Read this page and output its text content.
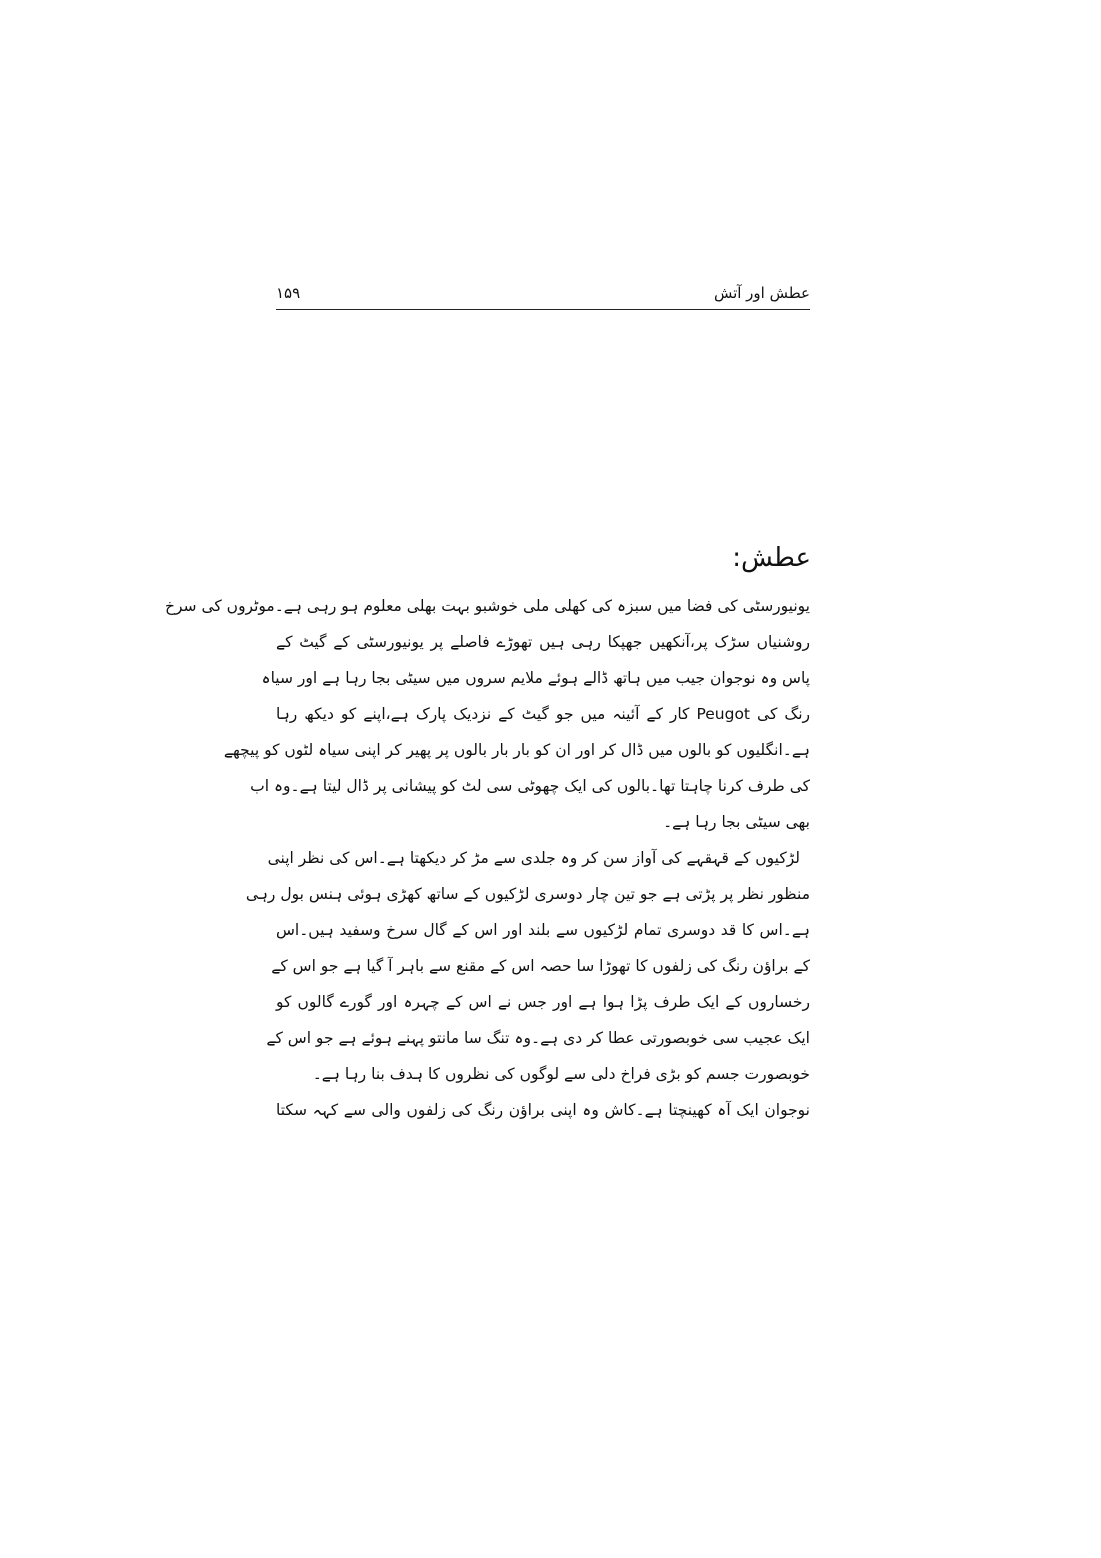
عطش اور آتش
۱۵۹
عطش:
یونیورسٹی کی فضا میں سبزہ کی کھلی ملی خوشبو بہت بھلی معلوم ہو رہی ہے۔موٹروں کی سرخ
روشنیاں سڑک پر،آنکھیں جھپکا رہی ہیں تھوڑے فاصلے پر یونیورسٹی کے گیٹ کے
پاس وہ نوجوان جیب میں ہاتھ ڈالے ہوئے ملایم سروں میں سیٹی بجا رہا ہے اور سیاہ
رنگ کی Peugot کار کے آئینہ میں جو گیٹ کے نزدیک پارک ہے،اپنے کو دیکھ رہا
ہے۔انگلیوں کو بالوں میں ڈال کر اور ان کو بار بار بالوں پر پھیر کر اپنی سیاہ لٹوں کو پیچھے
کی طرف کرنا چاہتا تھا۔بالوں کی ایک چھوٹی سی لٹ کو پیشانی پر ڈال لیتا ہے۔وہ اب
بھی سیٹی بجا رہا ہے۔
لڑکیوں کے قہقہے کی آواز سن کر وہ جلدی سے مڑ کر دیکھتا ہے۔اس کی نظر اپنی
منظور نظر پر پڑتی ہے جو تین چار دوسری لڑکیوں کے ساتھ کھڑی ہوئی ہنس بول رہی
ہے۔اس کا قد دوسری تمام لڑکیوں سے بلند اور اس کے گال سرخ وسفید ہیں۔اس
کے براؤن رنگ کی زلفوں کا تھوڑا سا حصہ اس کے مقنع سے باہر آ گیا ہے جو اس کے
رخساروں کے ایک طرف پڑا ہوا ہے اور جس نے اس کے چہرہ اور گورے گالوں کو
ایک عجیب سی خوبصورتی عطا کر دی ہے۔وہ تنگ سا مانتو پہنے ہوئے ہے جو اس کے
خوبصورت جسم کو بڑی فراخ دلی سے لوگوں کی نظروں کا ہدف بنا رہا ہے۔
نوجوان ایک آہ کھینچتا ہے۔کاش وہ اپنی براؤن رنگ کی زلفوں والی سے کہہ سکتا
